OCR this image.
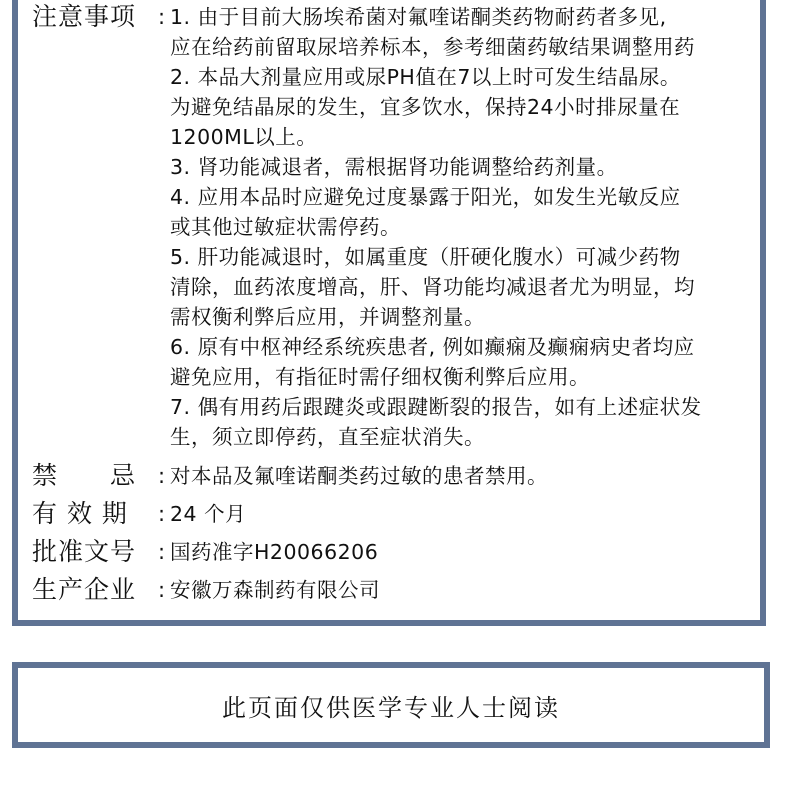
注意事项	: 1. 由于目前大肠埃希菌对氟喹诺酮类药物耐药者多见,
应在给药前留取尿培养标本，参考细菌药敏结果调整用药
2. 本品大剂量应用或尿PH值在7以上时可发生结晶尿。
为避免结晶尿的发生，宜多饮水，保持24小时排尿量在
1200ML以上。
3. 肾功能减退者，需根据肾功能调整给药剂量。
4. 应用本品时应避免过度暴露于阳光，如发生光敏反应
或其他过敏症状需停药。
5. 肝功能减退时，如属重度（肝硬化腹水）可减少药物
清除，血药浓度增高，肝、肾功能均减退者尤为明显，均
需权衡利弊后应用，并调整剂量。
6. 原有中枢神经系统疾患者, 例如癫痫及癫痫病史者均应
避免应用，有指征时需仔细权衡利弊后应用。
7. 偶有用药后跟踺炎或跟踺断裂的报告，如有上述症状发
生，须立即停药，直至症状消失。
禁　　忌	: 对本品及氟喹诺酮类药过敏的患者禁用。
有 效 期	: 24 个月
批准文号	: 国药准字H20066206
生产企业	: 安徽万森制药有限公司
此页面仅供医学专业人士阅读
